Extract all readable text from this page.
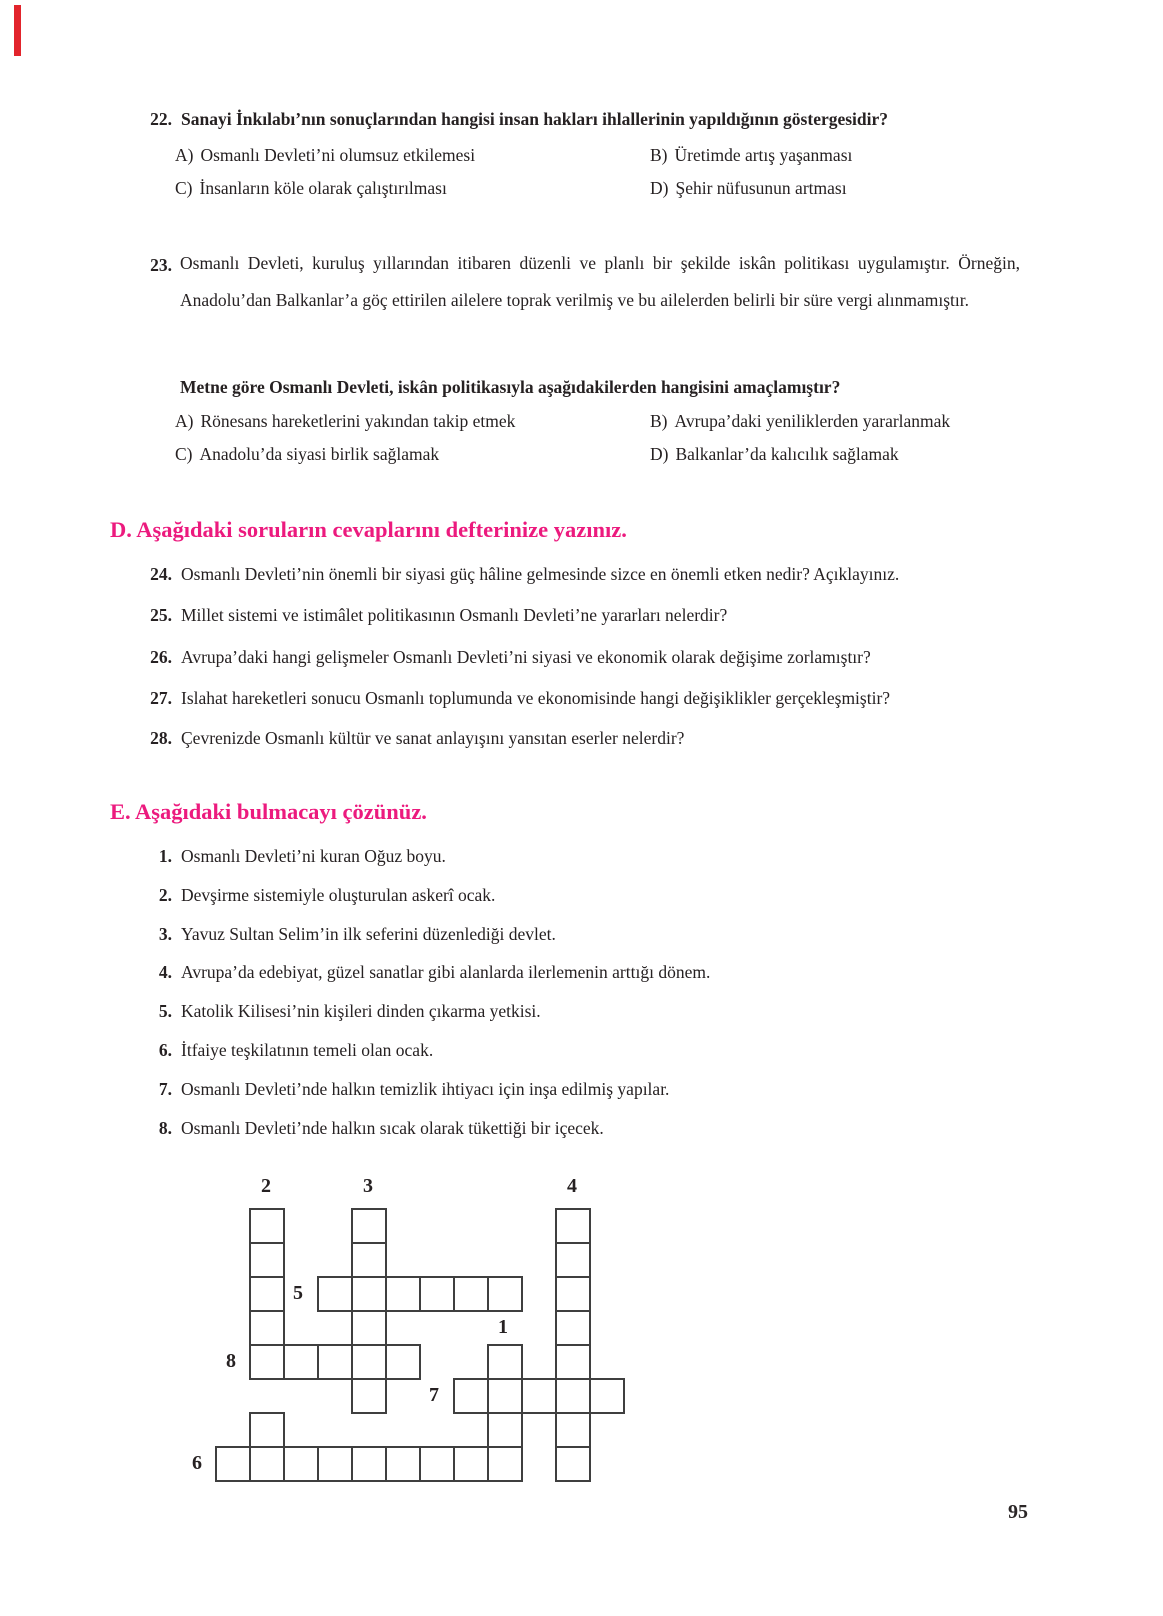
22. Sanayi İnkılabı’nın sonuçlarından hangisi insan hakları ihlallerinin yapıldığının göstergesidir?
A) Osmanlı Devleti’ni olumsuz etkilemesi	B) Üretimde artış yaşanması
C) İnsanların köle olarak çalıştırılması	D) Şehir nüfusunun artması
23. Osmanlı Devleti, kuruluş yıllarından itibaren düzenli ve planlı bir şekilde iskân politikası uygulamıştır. Örneğin, Anadolu’dan Balkanlar’a göç ettirilen ailelere toprak verilmiş ve bu ailelerden belirli bir süre vergi alınmamıştır.
Metne göre Osmanlı Devleti, iskân politikasıyla aşağıdakilerden hangisini amaçlamıştır?
A) Rönesans hareketlerini yakından takip etmek	B) Avrupa’daki yeniliklerden yararlanmak
C) Anadolu’da siyasi birlik sağlamak	D) Balkanlar’da kalıcılık sağlamak
D. Aşağıdaki soruların cevaplarını defterinize yazınız.
24. Osmanlı Devleti’nin önemli bir siyasi güç hâline gelmesinde sizce en önemli etken nedir? Açıklayınız.
25. Millet sistemi ve istimâlet politikasının Osmanlı Devleti’ne yararları nelerdir?
26. Avrupa’daki hangi gelişmeler Osmanlı Devleti’ni siyasi ve ekonomik olarak değişime zorlamıştır?
27. Islahat hareketleri sonucu Osmanlı toplumunda ve ekonomisinde hangi değişiklikler gerçekleşmiştir?
28. Çevrenizde Osmanlı kültür ve sanat anlayışını yansıtan eserler nelerdir?
E. Aşağıdaki bulmacayı çözünüz.
1. Osmanlı Devleti’ni kuran Oğuz boyu.
2. Devşirme sistemiyle oluşturulan askerî ocak.
3. Yavuz Sultan Selim’in ilk seferini düzenlediği devlet.
4. Avrupa’da edebiyat, güzel sanatlar gibi alanlarda ilerlemenin arttığı dönem.
5. Katolik Kilisesi’nin kişileri dinden çıkarma yetkisi.
6. İtfaiye teşkilatının temeli olan ocak.
7. Osmanlı Devleti’nde halkın temizlik ihtiyacı için inşa edilmiş yapılar.
8. Osmanlı Devleti’nde halkın sıcak olarak tükettiği bir içecek.
2	3	4
5
1
8
7
6
95
